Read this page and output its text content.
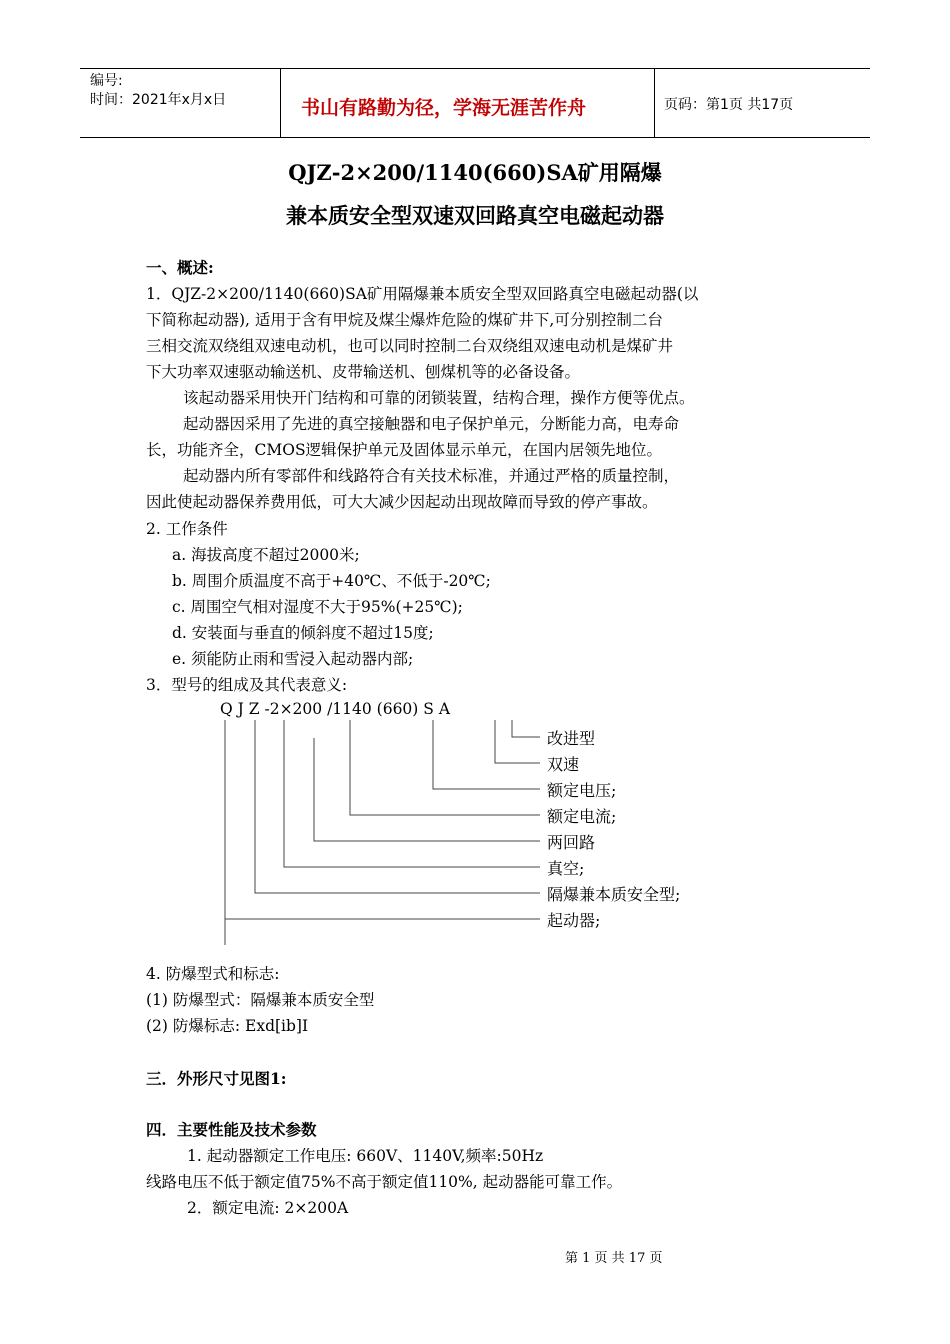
编号:
时间：2021年x月x日	书山有路勤为径，学海无涯苦作舟	页码：第1页 共17页
QJZ-2×200/1140(660)SA矿用隔爆
兼本质安全型双速双回路真空电磁起动器
一、概述:
1．QJZ-2×200/1140(660)SA矿用隔爆兼本质安全型双回路真空电磁起动器(以
下简称起动器), 适用于含有甲烷及煤尘爆炸危险的煤矿井下,可分别控制二台
三相交流双绕组双速电动机，也可以同时控制二台双绕组双速电动机是煤矿井
下大功率双速驱动输送机、皮带输送机、刨煤机等的必备设备。
该起动器采用快开门结构和可靠的闭锁装置，结构合理，操作方便等优点。
起动器因采用了先进的真空接触器和电子保护单元，分断能力高，电寿命
长，功能齐全，CMOS逻辑保护单元及固体显示单元，在国内居领先地位。
起动器内所有零部件和线路符合有关技术标准，并通过严格的质量控制，
因此使起动器保养费用低，可大大减少因起动出现故障而导致的停产事故。
2. 工作条件
a. 海拔高度不超过2000米;
b. 周围介质温度不高于+40℃、不低于-20℃;
c. 周围空气相对湿度不大于95%(+25℃);
d. 安装面与垂直的倾斜度不超过15度;
e. 须能防止雨和雪浸入起动器内部;
3．型号的组成及其代表意义:
Q J Z -2×200 /1140 (660) S A
改进型
双速
额定电压;
额定电流;
两回路
真空;
隔爆兼本质安全型;
起动器;
4. 防爆型式和标志:
(1) 防爆型式：隔爆兼本质安全型
(2) 防爆标志: Exd[ib]I
三．外形尺寸见图1:
四．主要性能及技术参数
1. 起动器额定工作电压: 660V、1140V,频率:50Hz
线路电压不低于额定值75%不高于额定值110%, 起动器能可靠工作。
2．额定电流: 2×200A
第 1 页 共 17 页
